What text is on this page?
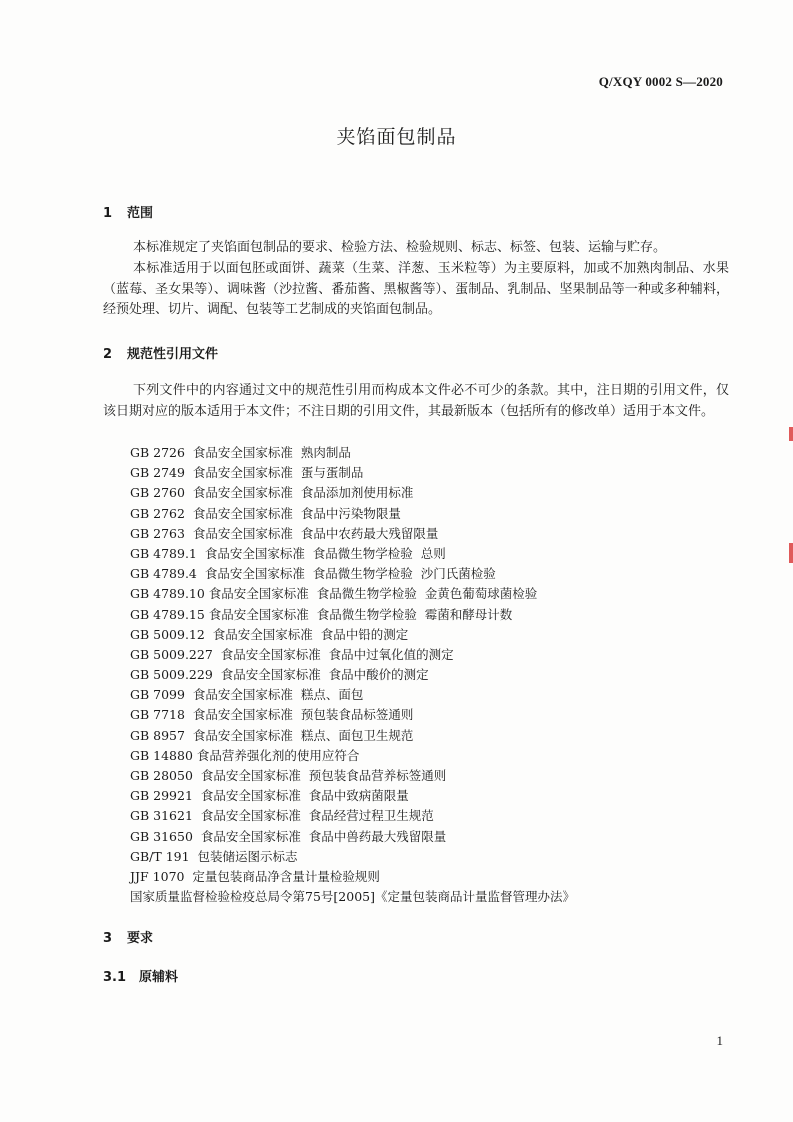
Q/XQY 0002 S—2020
夹馅面包制品
1 范围
本标准规定了夹馅面包制品的要求、检验方法、检验规则、标志、标签、包装、运输与贮存。
本标准适用于以面包胚或面饼、蔬菜（生菜、洋葱、玉米粒等）为主要原料，加或不加熟肉制品、水果（蓝莓、圣女果等）、调味酱（沙拉酱、番茄酱、黑椒酱等）、蛋制品、乳制品、坚果制品等一种或多种辅料，经预处理、切片、调配、包装等工艺制成的夹馅面包制品。
2 规范性引用文件
下列文件中的内容通过文中的规范性引用而构成本文件必不可少的条款。其中，注日期的引用文件，仅该日期对应的版本适用于本文件；不注日期的引用文件，其最新版本（包括所有的修改单）适用于本文件。
GB 2726  食品安全国家标准  熟肉制品
GB 2749  食品安全国家标准  蛋与蛋制品
GB 2760  食品安全国家标准  食品添加剂使用标准
GB 2762  食品安全国家标准  食品中污染物限量
GB 2763  食品安全国家标准  食品中农药最大残留限量
GB 4789.1  食品安全国家标准  食品微生物学检验  总则
GB 4789.4  食品安全国家标准  食品微生物学检验  沙门氏菌检验
GB 4789.10 食品安全国家标准  食品微生物学检验  金黄色葡萄球菌检验
GB 4789.15 食品安全国家标准  食品微生物学检验  霉菌和酵母计数
GB 5009.12  食品安全国家标准  食品中铅的测定
GB 5009.227  食品安全国家标准  食品中过氧化值的测定
GB 5009.229  食品安全国家标准  食品中酸价的测定
GB 7099  食品安全国家标准  糕点、面包
GB 7718  食品安全国家标准  预包装食品标签通则
GB 8957  食品安全国家标准  糕点、面包卫生规范
GB 14880 食品营养强化剂的使用应符合
GB 28050  食品安全国家标准  预包装食品营养标签通则
GB 29921  食品安全国家标准  食品中致病菌限量
GB 31621  食品安全国家标准  食品经营过程卫生规范
GB 31650  食品安全国家标准  食品中兽药最大残留限量
GB/T 191  包装储运图示标志
JJF 1070  定量包装商品净含量计量检验规则
国家质量监督检验检疫总局令第75号[2005]《定量包装商品计量监督管理办法》
3 要求
3.1 原辅料
1
